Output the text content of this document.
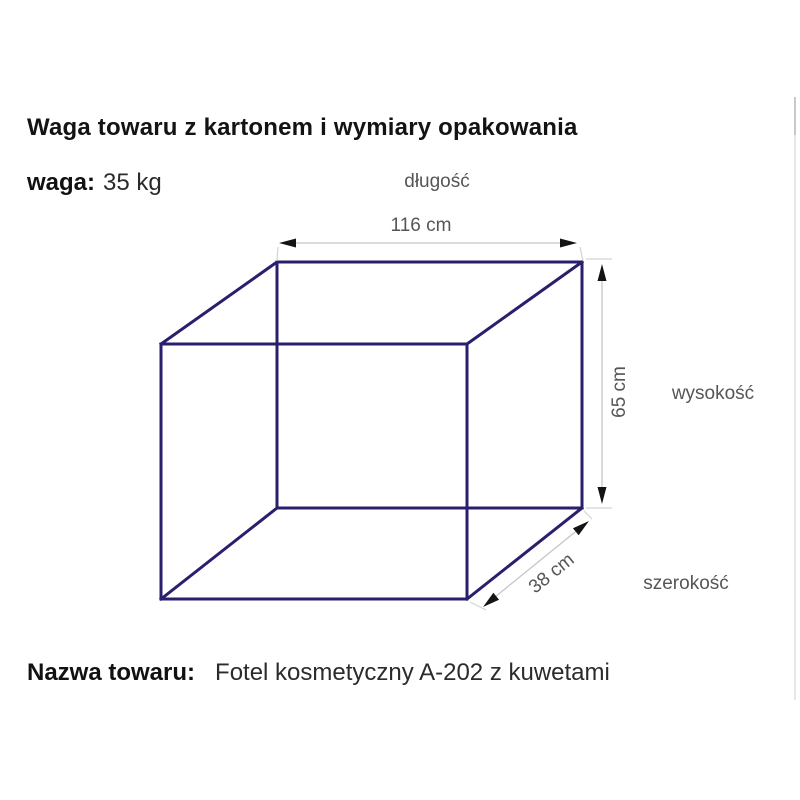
Waga towaru z kartonem i wymiary opakowania
waga: 35 kg	długość
116 cm
wysokość
65 cm
szerokość
38 cm
Nazwa towaru: Fotel kosmetyczny A-202 z kuwetami
